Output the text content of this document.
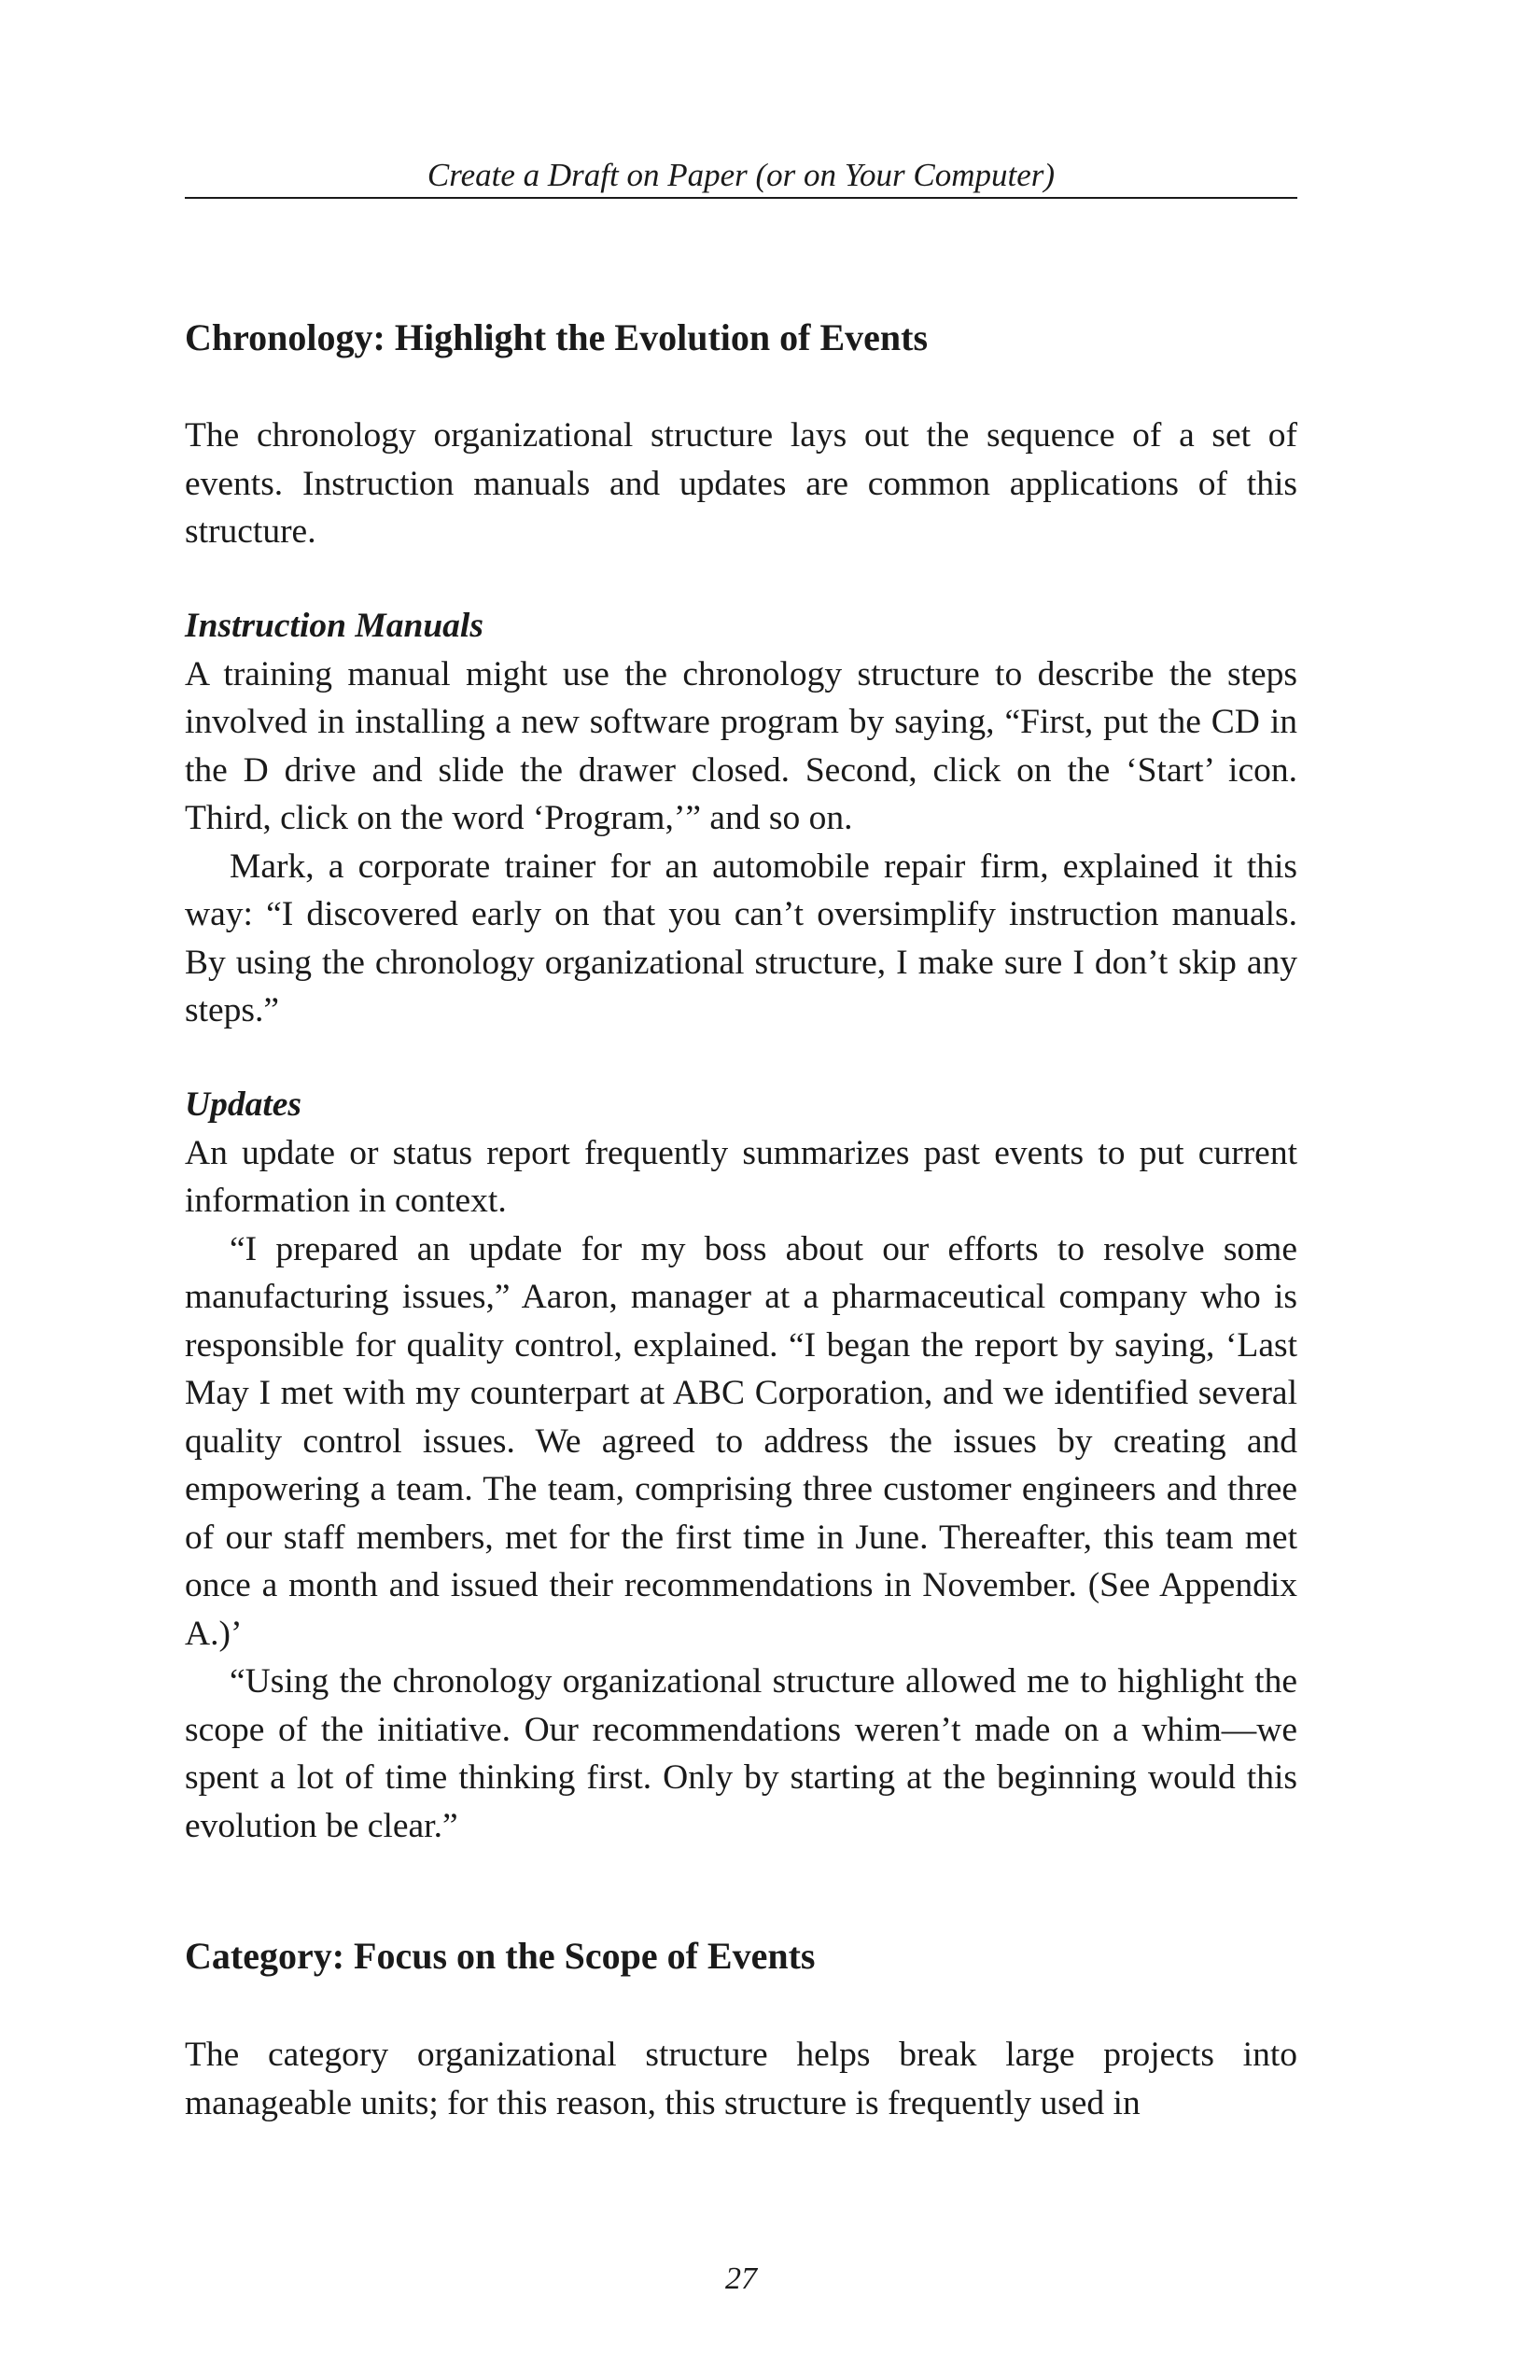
Create a Draft on Paper (or on Your Computer)
Chronology: Highlight the Evolution of Events

The chronology organizational structure lays out the sequence of a set of events. Instruction manuals and updates are common applications of this structure.

Instruction Manuals

A training manual might use the chronology structure to describe the steps involved in installing a new software program by saying, “First, put the CD in the D drive and slide the drawer closed. Second, click on the ‘Start’ icon. Third, click on the word ‘Program,’” and so on.

Mark, a corporate trainer for an automobile repair firm, explained it this way: “I discovered early on that you can’t oversimplify instruction manuals. By using the chronology organizational structure, I make sure I don’t skip any steps.”

Updates

An update or status report frequently summarizes past events to put current information in context.

“I prepared an update for my boss about our efforts to resolve some manufacturing issues,” Aaron, manager at a pharmaceutical company who is responsible for quality control, explained. “I began the report by saying, ‘Last May I met with my counterpart at ABC Corporation, and we identified several quality control issues. We agreed to address the issues by creating and empowering a team. The team, comprising three customer engineers and three of our staff members, met for the first time in June. Thereafter, this team met once a month and issued their recommendations in November. (See Appendix A.)’

“Using the chronology organizational structure allowed me to highlight the scope of the initiative. Our recommendations weren’t made on a whim—we spent a lot of time thinking first. Only by starting at the beginning would this evolution be clear.”

Category: Focus on the Scope of Events

The category organizational structure helps break large projects into manageable units; for this reason, this structure is frequently used in

27
